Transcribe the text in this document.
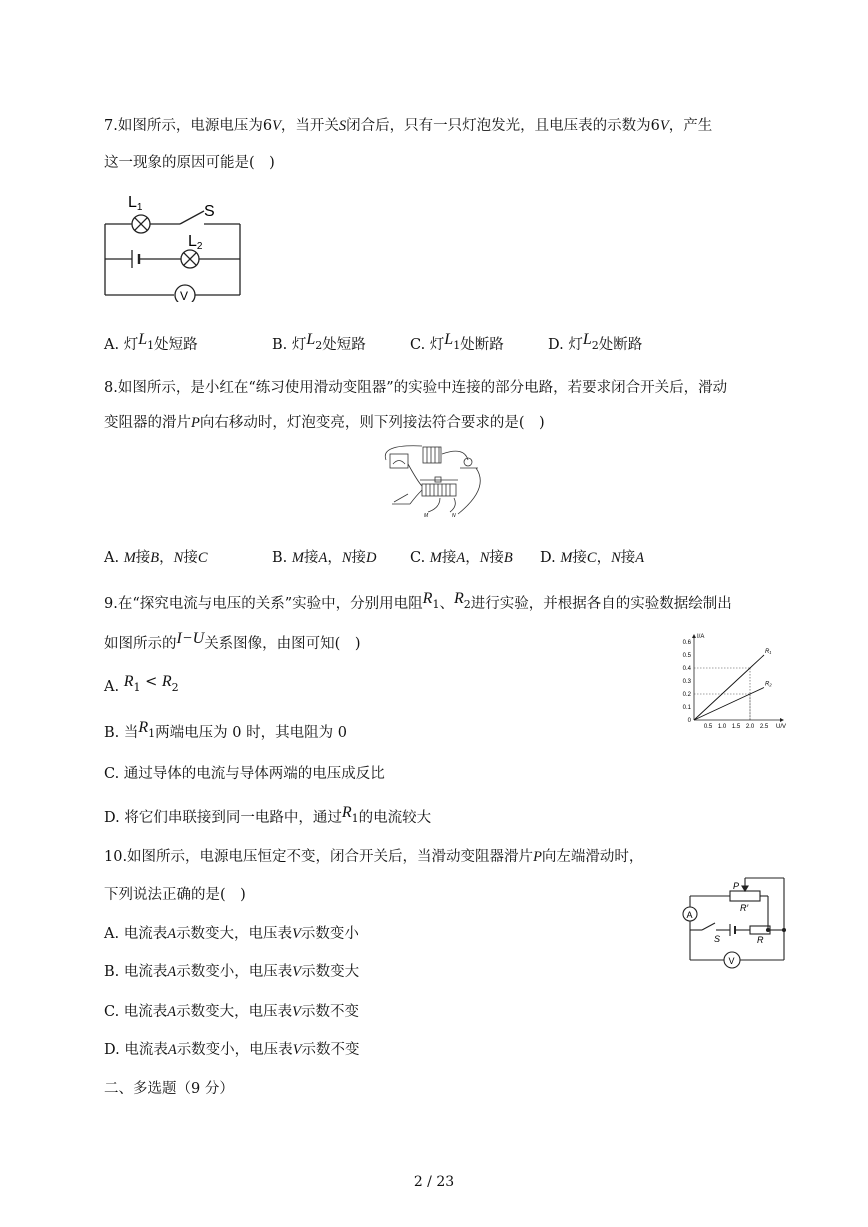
7.如图所示，电源电压为6V，当开关S闭合后，只有一只灯泡发光，且电压表的示数为6V，产生
这一现象的原因可能是(　)
L1	S
L2
V
A. 灯L1处短路	B. 灯L2处短路	C. 灯L1处断路	D. 灯L2处断路
8.如图所示，是小红在“练习使用滑动变阻器”的实验中连接的部分电路，若要求闭合开关后，滑动
变阻器的滑片P向右移动时，灯泡变亮，则下列接法符合要求的是(　)
M	N
A. M接B，N接C	B. M接A，N接D C. M接A，N接B D. M接C，N接A
9.在“探究电流与电压的关系”实验中，分别用电阻R1、R2进行实验，并根据各自的实验数据绘制出
如图所示的I−U关系图像，由图可知(　)
A. R1 < R2
B. 当R1两端电压为 0 时，其电阻为 0
C. 通过导体的电流与导体两端的电压成反比
D. 将它们串联接到同一电路中，通过R1的电流较大
0
0.1
0.2
0.3
0.4
0.5
0.6
0.5 1.0 1.5 2.0 2.5
I/A
U/V
R₁
R₂
10.如图所示，电源电压恒定不变，闭合开关后，当滑动变阻器滑片P向左端滑动时，
下列说法正确的是(　)
A
V
P
R′
R
S
A. 电流表A示数变大，电压表V示数变小
B. 电流表A示数变小，电压表V示数变大
C. 电流表A示数变大，电压表V示数不变
D. 电流表A示数变小，电压表V示数不变
二、多选题（9 分）
2 / 23
